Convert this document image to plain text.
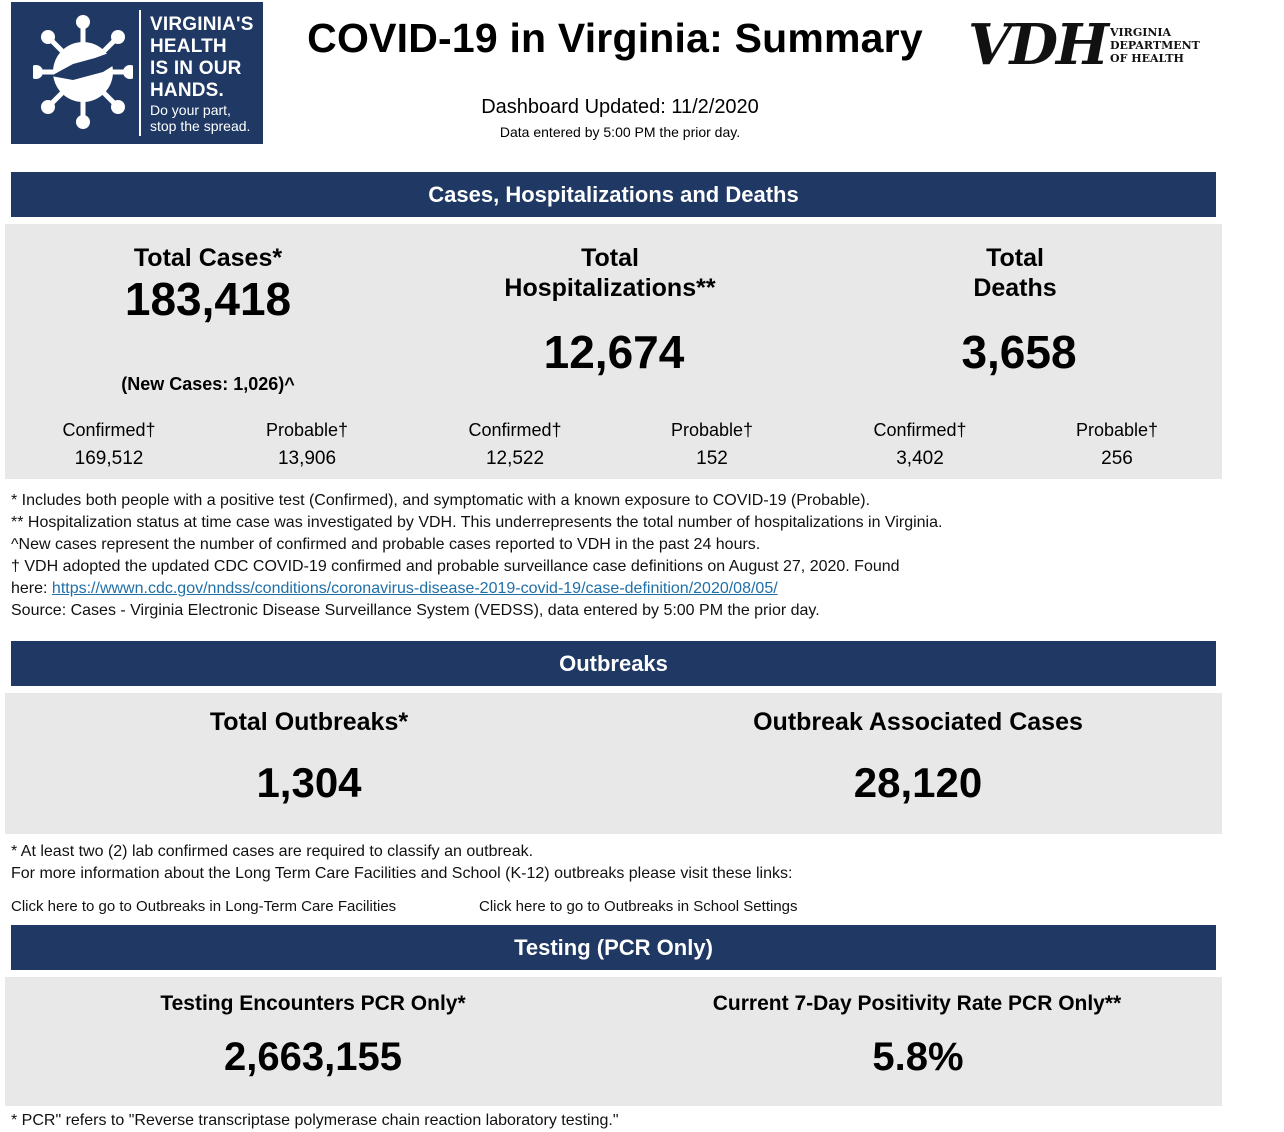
VIRGINIA'S
HEALTH
IS IN OUR
HANDS.
Do your part,
stop the spread.
COVID-19 in Virginia: Summary
Dashboard Updated: 11/2/2020
Data entered by 5:00 PM the prior day.
VDH VIRGINIA
DEPARTMENT
OF HEALTH
Cases, Hospitalizations and Deaths
Total Cases*
183,418
(New Cases: 1,026)^
Confirmed†
169,512
Probable†
13,906
Total
Hospitalizations**
12,674
Confirmed†
12,522
Probable†
152
Total
Deaths
3,658
Confirmed†
3,402
Probable†
256
* Includes both people with a positive test (Confirmed), and symptomatic with a known exposure to COVID-19 (Probable).
** Hospitalization status at time case was investigated by VDH. This underrepresents the total number of hospitalizations in Virginia.
^New cases represent the number of confirmed and probable cases reported to VDH in the past 24 hours.
† VDH adopted the updated CDC COVID-19 confirmed and probable surveillance case definitions on August 27, 2020. Found
here: https://wwwn.cdc.gov/nndss/conditions/coronavirus-disease-2019-covid-19/case-definition/2020/08/05/
Source: Cases - Virginia Electronic Disease Surveillance System (VEDSS), data entered by 5:00 PM the prior day.
Outbreaks
Total Outbreaks*
1,304
Outbreak Associated Cases
28,120
* At least two (2) lab confirmed cases are required to classify an outbreak.
For more information about the Long Term Care Facilities and School (K-12) outbreaks please visit these links:
Click here to go to Outbreaks in Long-Term Care Facilities	Click here to go to Outbreaks in School Settings
Testing (PCR Only)
Testing Encounters PCR Only*
2,663,155
Current 7-Day Positivity Rate PCR Only**
5.8%
* PCR" refers to "Reverse transcriptase polymerase chain reaction laboratory testing."
